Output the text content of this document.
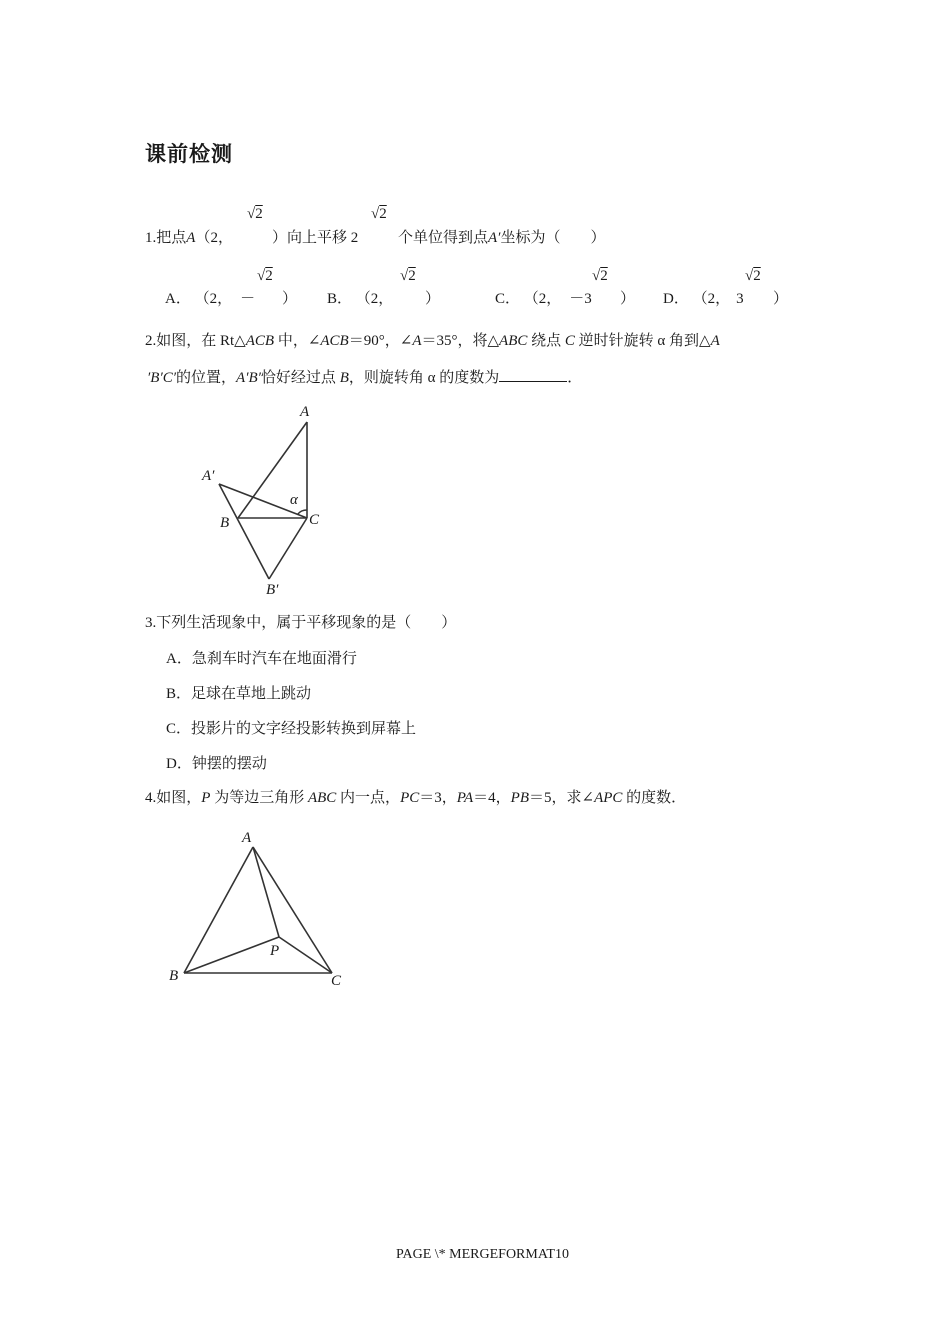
课前检测
1.把点A（2，
√2
）向上平移 2
√2
个单位得到点A′坐标为（　　）
A． （2， －
√2
） B． （2，
√2
）	C． （2， －3
√2
） D． （2， 3
√2
）
2.如图，在 Rt△ACB 中，∠ACB＝90°，∠A＝35°，将△ABC 绕点 C 逆时针旋转 α 角到△A
′B′C′的位置，A′B′恰好经过点 B，则旋转角 α 的度数为	．
A
A′
α
B	C
B′
3.下列生活现象中，属于平移现象的是（　　）
A．急刹车时汽车在地面滑行
B．足球在草地上跳动
C．投影片的文字经投影转换到屏幕上
D．钟摆的摆动
4.如图，P 为等边三角形 ABC 内一点，PC＝3，PA＝4，PB＝5，求∠APC 的度数．
A
P
B	C
PAGE \* MERGEFORMAT10
